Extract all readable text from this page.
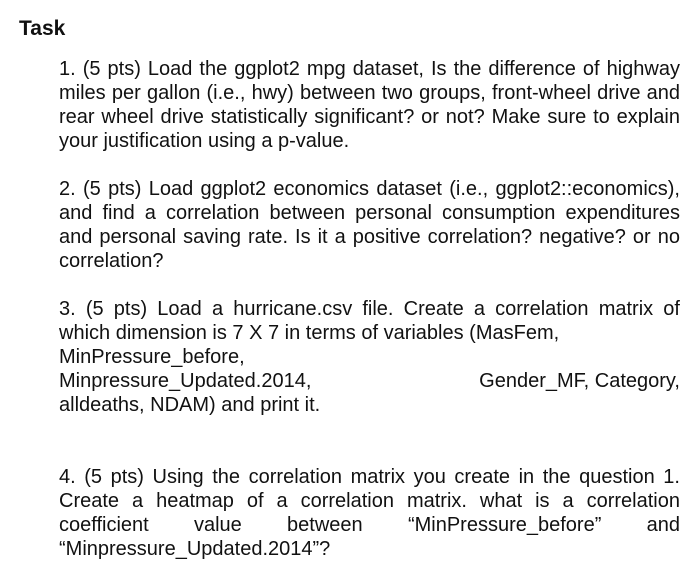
Task

1. (5 pts) Load the ggplot2 mpg dataset, Is the difference of highway miles per gallon (i.e., hwy) between two groups, front-wheel drive and rear wheel drive statistically significant? or not? Make sure to explain your justification using a p-value.

2. (5 pts) Load ggplot2 economics dataset (i.e., ggplot2::economics), and find a correlation between personal consumption expenditures and personal saving rate. Is it a positive correlation? negative? or no correlation?

3. (5 pts) Load a hurricane.csv file. Create a correlation matrix of which dimension is 7 X 7 in terms of variables (MasFem,
MinPressure_before,
Minpressure_Updated.2014,	Gender_MF, Category,
alldeaths, NDAM) and print it.

4. (5 pts) Using the correlation matrix you create in the question 1. Create a heatmap of a correlation matrix. what is a correlation coefficient value between “MinPressure_before” and “Minpressure_Updated.2014”?
